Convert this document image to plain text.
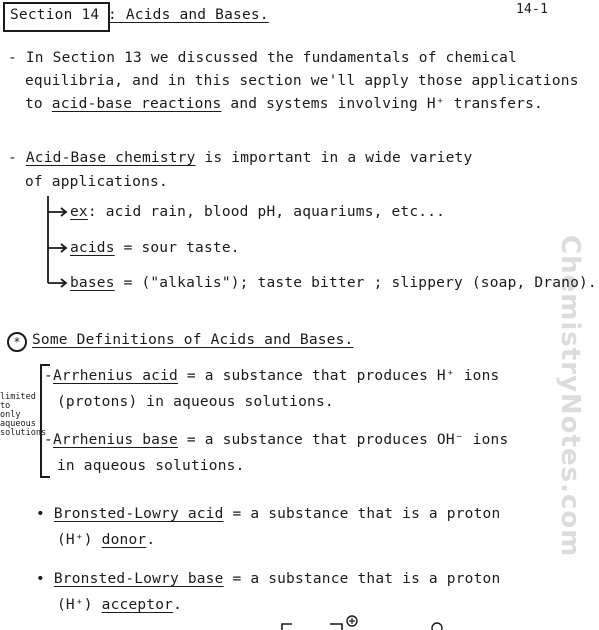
ChemistryNotes.com
Section 14 : Acids and Bases.	14-1
- In Section 13 we discussed the fundamentals of chemical
equilibria, and in this section we'll apply those applications
to acid-base reactions and systems involving H⁺ transfers.
- Acid-Base chemistry is important in a wide variety
of applications.
ex: acid rain, blood pH, aquariums, etc...
acids = sour taste.
bases = ("alkalis"); taste bitter ; slippery (soap, Drano).
* Some Definitions of Acids and Bases.
limited
to
only
aqueous
solutions
-Arrhenius acid = a substance that produces H⁺ ions
(protons) in aqueous solutions.
-Arrhenius base = a substance that produces OH⁻ ions
in aqueous solutions.
• Bronsted-Lowry acid = a substance that is a proton
(H⁺) donor.
• Bronsted-Lowry base = a substance that is a proton
(H⁺) acceptor.
